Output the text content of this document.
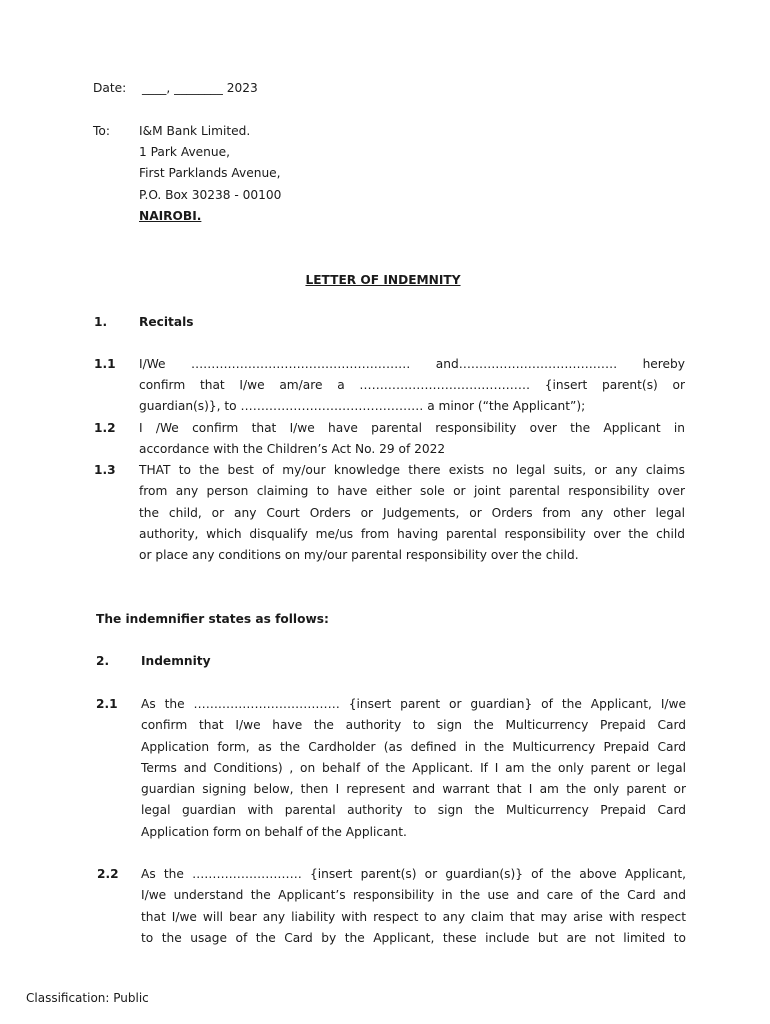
Date: ____, ________ 2023
To: I&M Bank Limited.
1 Park Avenue,
First Parklands Avenue,
P.O. Box 30238 - 00100
NAIROBI.
LETTER OF INDEMNITY
1.	Recitals
1.1 I/We ……………………………………………… and………………………………… hereby
confirm that I/we am/are a …………………………………… {insert parent(s) or
guardian(s)}, to ……………………………………… a minor (“the Applicant”);
1.2 I /We confirm that I/we have parental responsibility over the Applicant in
accordance with the Children’s Act No. 29 of 2022
1.3 THAT to the best of my/our knowledge there exists no legal suits, or any claims
from any person claiming to have either sole or joint parental responsibility over
the child, or any Court Orders or Judgements, or Orders from any other legal
authority, which disqualify me/us from having parental responsibility over the child
or place any conditions on my/our parental responsibility over the child.
The indemnifier states as follows:
2.	Indemnity
2.1 As the ……………………………… {insert parent or guardian} of the Applicant, I/we
confirm that I/we have the authority to sign the Multicurrency Prepaid Card
Application form, as the Cardholder (as defined in the Multicurrency Prepaid Card
Terms and Conditions) , on behalf of the Applicant. If I am the only parent or legal
guardian signing below, then I represent and warrant that I am the only parent or
legal guardian with parental authority to sign the Multicurrency Prepaid Card
Application form on behalf of the Applicant.
2.2 As the ……………………… {insert parent(s) or guardian(s)} of the above Applicant,
I/we understand the Applicant’s responsibility in the use and care of the Card and
that I/we will bear any liability with respect to any claim that may arise with respect
to the usage of the Card by the Applicant, these include but are not limited to
Classification: Public
